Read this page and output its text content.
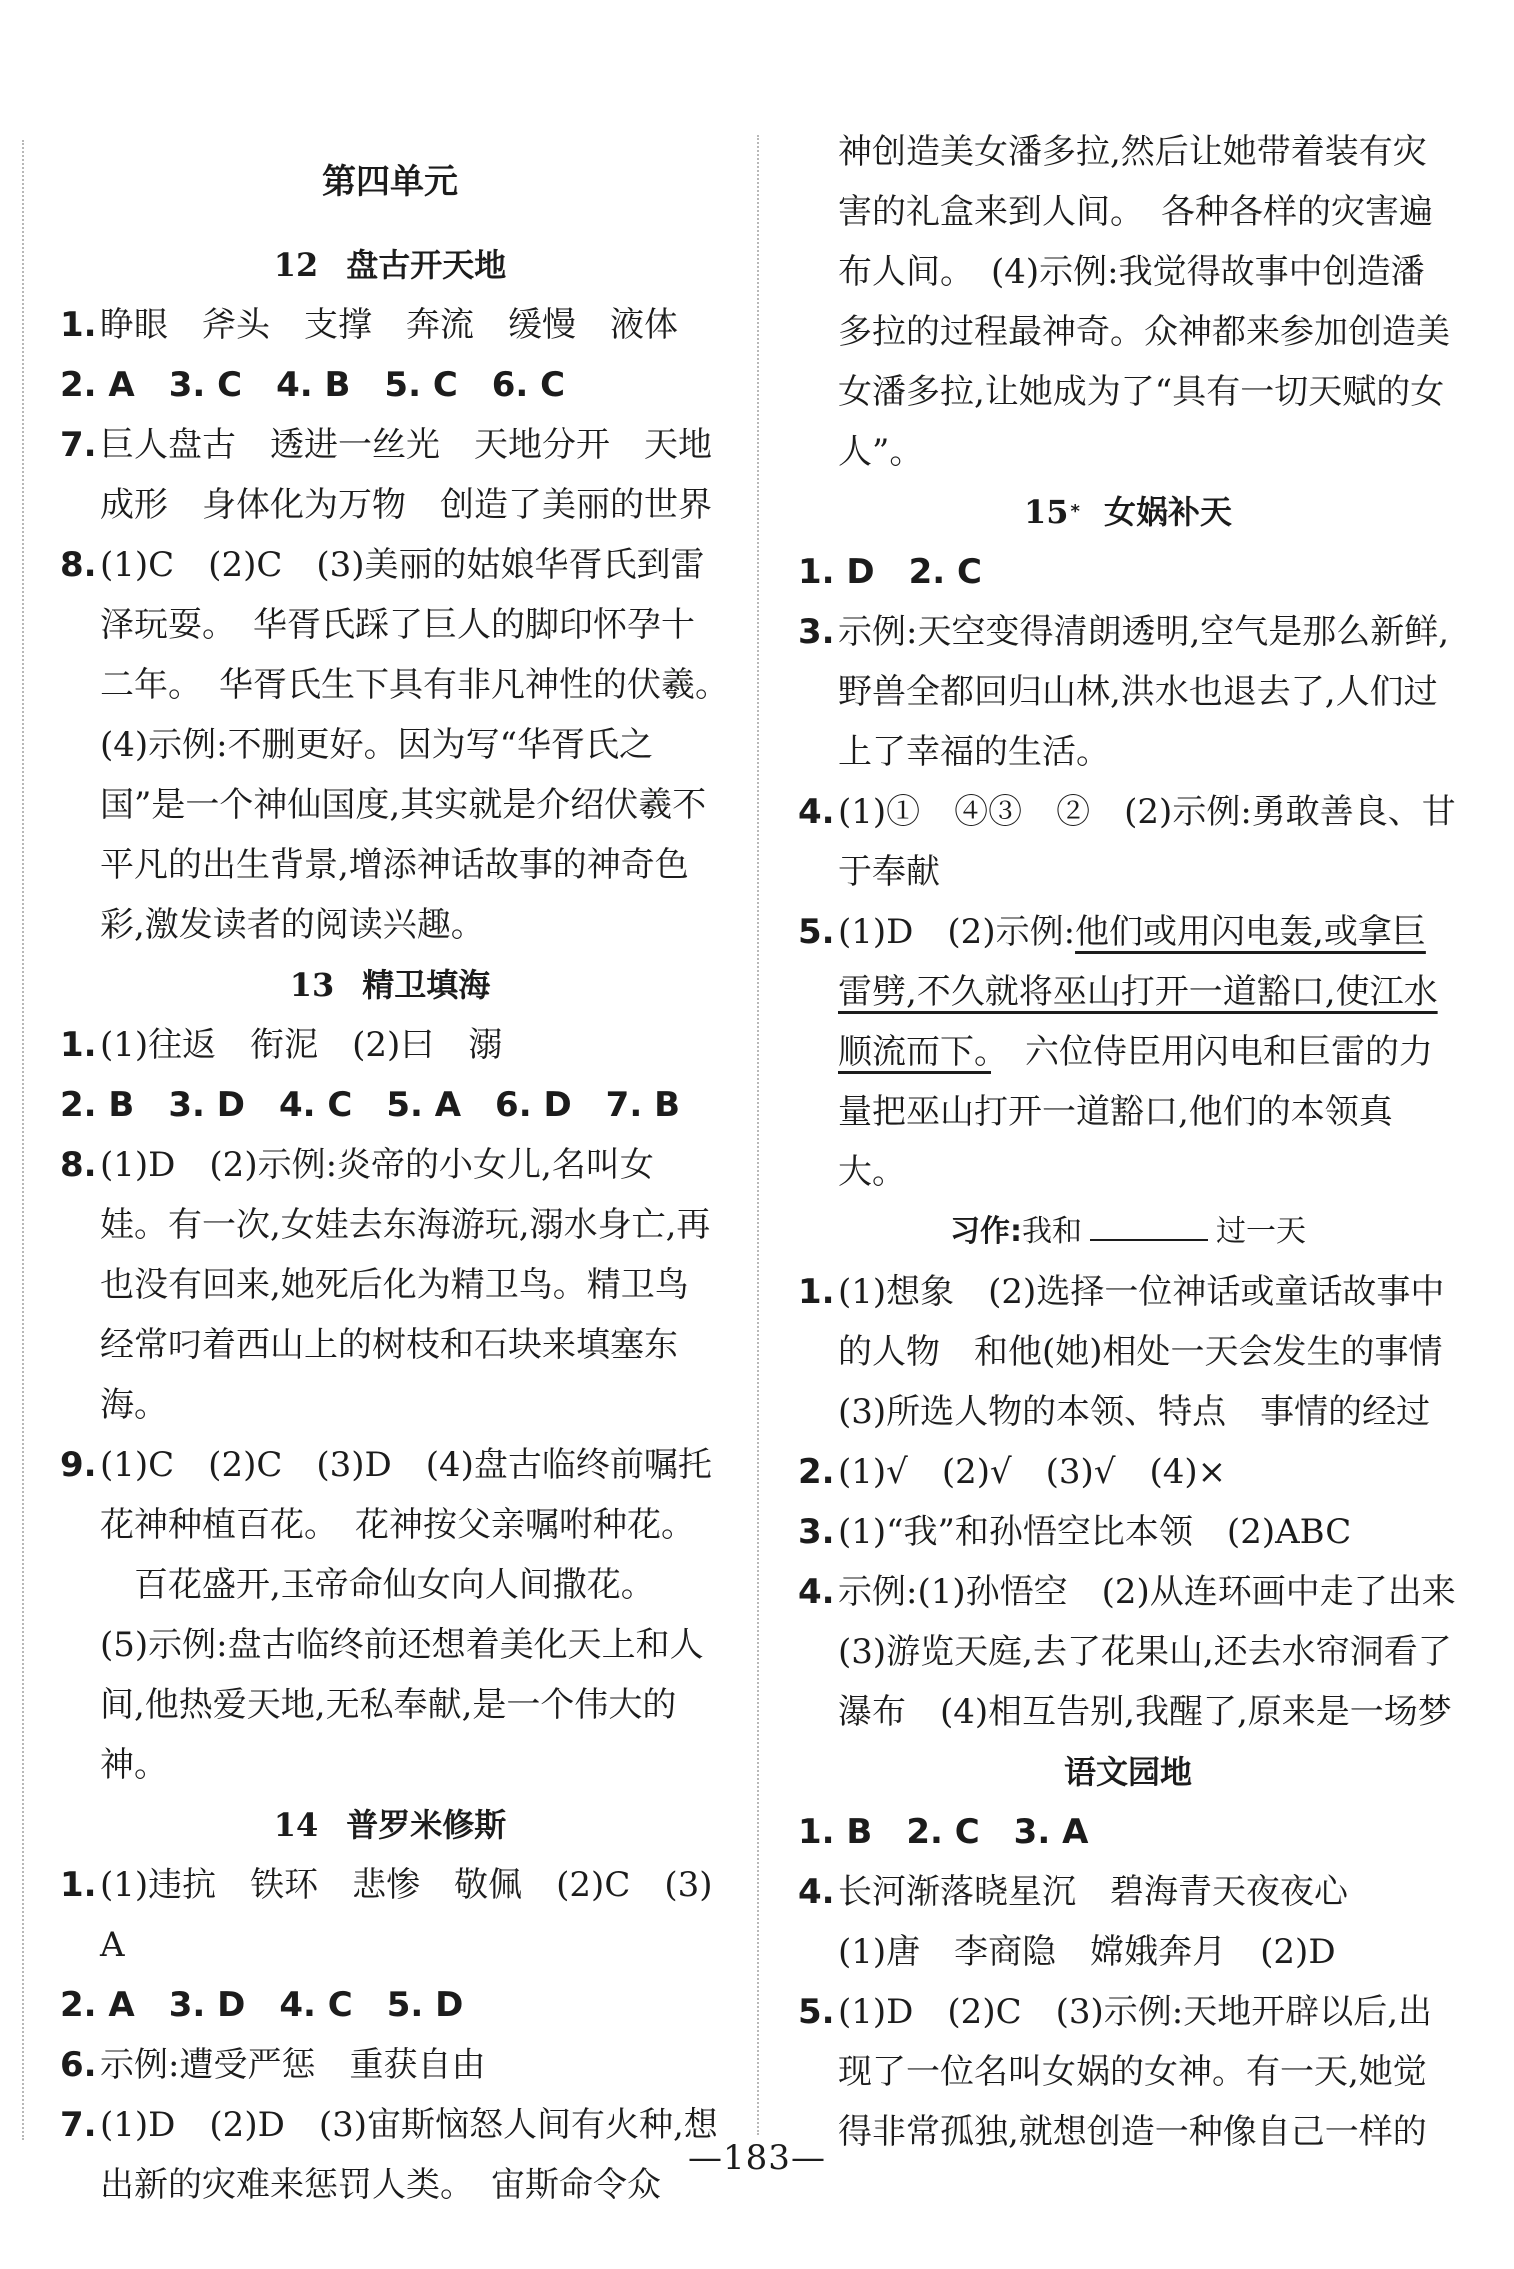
第四单元
12 盘古开天地
1. 睁眼　斧头　支撑　奔流　缓慢　液体
2. A　3. C　4. B　5. C　6. C
7. 巨人盘古　透进一丝光　天地分开　天地成形　身体化为万物　创造了美丽的世界
8. (1)C　(2)C　(3)美丽的姑娘华胥氏到雷泽玩耍。　华胥氏踩了巨人的脚印怀孕十二年。　华胥氏生下具有非凡神性的伏羲。　(4)示例:不删更好。因为写“华胥氏之国”是一个神仙国度,其实就是介绍伏羲不平凡的出生背景,增添神话故事的神奇色彩,激发读者的阅读兴趣。
13 精卫填海
1. (1)往返　衔泥　(2)曰　溺
2. B　3. D　4. C　5. A　6. D　7. B
8. (1)D　(2)示例:炎帝的小女儿,名叫女娃。有一次,女娃去东海游玩,溺水身亡,再也没有回来,她死后化为精卫鸟。精卫鸟经常叼着西山上的树枝和石块来填塞东海。
9. (1)C　(2)C　(3)D　(4)盘古临终前嘱托花神种植百花。　花神按父亲嘱咐种花。
　百花盛开,玉帝命仙女向人间撒花。
(5)示例:盘古临终前还想着美化天上和人间,他热爱天地,无私奉献,是一个伟大的神。
14 普罗米修斯
1. (1)违抗　铁环　悲惨　敬佩　(2)C　(3)A
2. A　3. D　4. C　5. D
6. 示例:遭受严惩　重获自由
7. (1)D　(2)D　(3)宙斯恼怒人间有火种,想出新的灾难来惩罚人类。　宙斯命令众
神创造美女潘多拉,然后让她带着装有灾害的礼盒来到人间。　各种各样的灾害遍布人间。　(4)示例:我觉得故事中创造潘多拉的过程最神奇。众神都来参加创造美女潘多拉,让她成为了“具有一切天赋的女人”。
15 * 女娲补天
1. D　2. C
3. 示例:天空变得清朗透明,空气是那么新鲜,野兽全都回归山林,洪水也退去了,人们过上了幸福的生活。
4. (1)①　④③　②　(2)示例:勇敢善良、甘于奉献
5. (1)D　(2)示例:他们或用闪电轰,或拿巨雷劈,不久就将巫山打开一道豁口,使江水顺流而下。　六位侍臣用闪电和巨雷的力量把巫山打开一道豁口,他们的本领真大。
习作:我和	过一天
1. (1)想象　(2)选择一位神话或童话故事中的人物　和他(她)相处一天会发生的事情　(3)所选人物的本领、特点　事情的经过
2. (1)√　(2)√　(3)√　(4)×
3. (1)“我”和孙悟空比本领　(2)ABC
4. 示例:(1)孙悟空　(2)从连环画中走了出来　(3)游览天庭,去了花果山,还去水帘洞看了瀑布　(4)相互告别,我醒了,原来是一场梦
语文园地
1. B　2. C　3. A
4. 长河渐落晓星沉　碧海青天夜夜心
(1)唐　李商隐　嫦娥奔月　(2)D
5. (1)D　(2)C　(3)示例:天地开辟以后,出现了一位名叫女娲的女神。有一天,她觉得非常孤独,就想创造一种像自己一样的
—183—
